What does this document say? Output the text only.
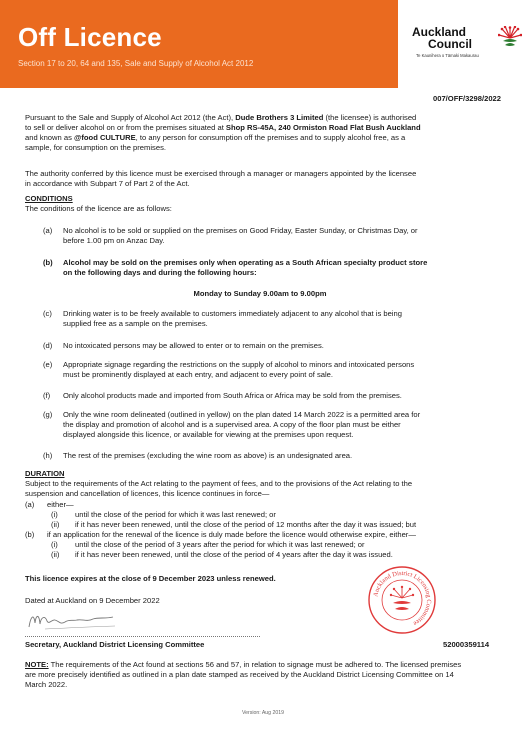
Off Licence
Section 17 to 20, 64 and 135, Sale and Supply of Alcohol Act 2012
Auckland
Council
Te Kaunihera o Tāmaki Makaurau
007/OFF/3298/2022
Pursuant to the Sale and Supply of Alcohol Act 2012 (the Act), Dude Brothers 3 Limited (the licensee) is authorised
to sell or deliver alcohol on or from the premises situated at Shop RS-45A, 240 Ormiston Road Flat Bush Auckland
and known as @food CULTURE, to any person for consumption off the premises and to supply alcohol free, as a
sample, for consumption on the premises.
The authority conferred by this licence must be exercised through a manager or managers appointed by the licensee
in accordance with Subpart 7 of Part 2 of the Act.
CONDITIONS
The conditions of the licence are as follows:
(a) No alcohol is to be sold or supplied on the premises on Good Friday, Easter Sunday, or Christmas Day, or
before 1.00 pm on Anzac Day.
(b) Alcohol may be sold on the premises only when operating as a South African specialty product store
on the following days and during the following hours:
Monday to Sunday 9.00am to 9.00pm
(c) Drinking water is to be freely available to customers immediately adjacent to any alcohol that is being
supplied free as a sample on the premises.
(d) No intoxicated persons may be allowed to enter or to remain on the premises.
(e) Appropriate signage regarding the restrictions on the supply of alcohol to minors and intoxicated persons
must be prominently displayed at each entry, and adjacent to every point of sale.
(f) Only alcohol products made and imported from South Africa or Africa may be sold from the premises.
(g) Only the wine room delineated (outlined in yellow) on the plan dated 14 March 2022 is a permitted area for
the display and promotion of alcohol and is a supervised area. A copy of the floor plan must be either
displayed alongside this licence, or available for viewing at the premises upon request.
(h) The rest of the premises (excluding the wine room as above) is an undesignated area.
DURATION
Subject to the requirements of the Act relating to the payment of fees, and to the provisions of the Act relating to the
suspension and cancellation of licences, this licence continues in force—
(a) either—
(i) until the close of the period for which it was last renewed; or
(ii) if it has never been renewed, until the close of the period of 12 months after the day it was issued; but
(b) if an application for the renewal of the licence is duly made before the licence would otherwise expire, either—
(i) until the close of the period of 3 years after the period for which it was last renewed; or
(ii) if it has never been renewed, until the close of the period of 4 years after the day it was issued.
This licence expires at the close of 9 December 2023 unless renewed.
Dated at Auckland on 9 December 2022
Secretary, Auckland District Licensing Committee
Auckland District Licensing Committee
52000359114
NOTE: The requirements of the Act found at sections 56 and 57, in relation to signage must be adhered to. The licensed premises
are more precisely identified as outlined in a plan date stamped as received by the Auckland District Licensing Committee on 14
March 2022.
Version: Aug 2019
